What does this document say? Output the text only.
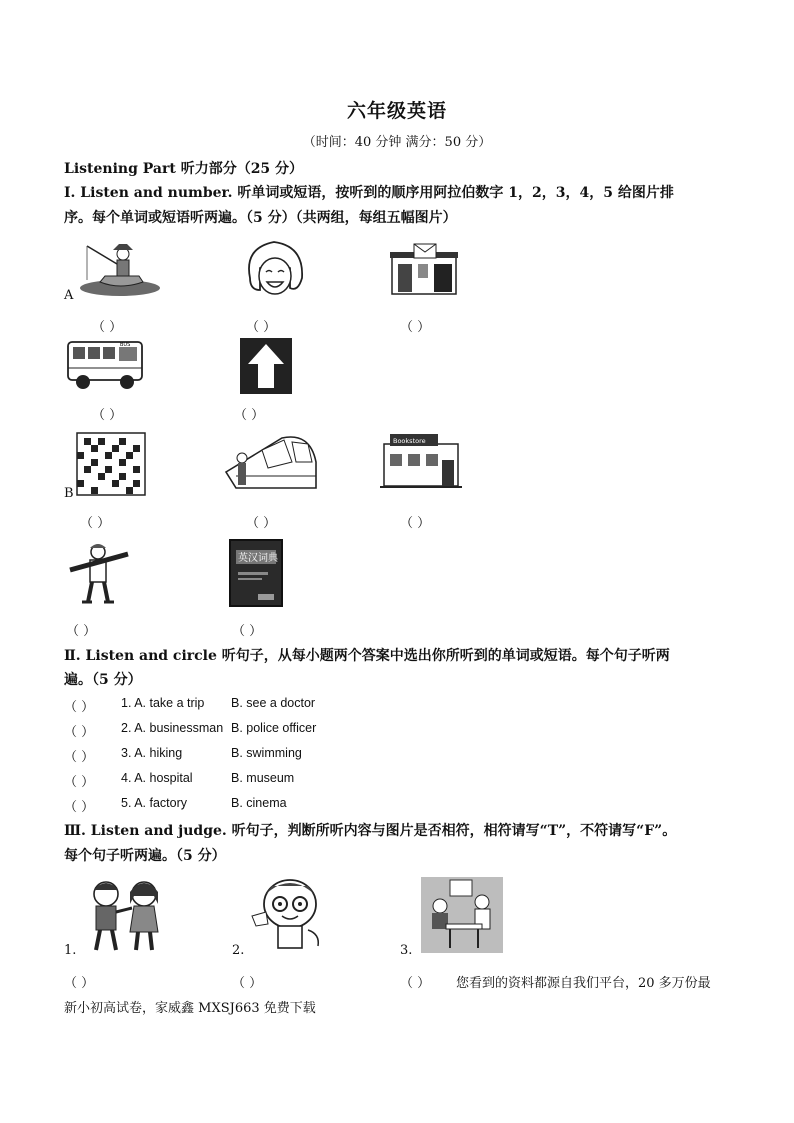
六年级英语
（时间：40 分钟 满分：50 分）
Listening Part 听力部分（25 分）
Ⅰ. Listen and number. 听单词或短语，按听到的顺序用阿拉伯数字 1，2，3，4，5 给图片排
序。每个单词或短语听两遍。（5 分）（共两组，每组五幅图片）
A
（ ）	（ ）	（ ）
BUS
（ ）	（ ）
B
Bookstore
（ ）	（ ）	（ ）
英汉词典
（ ）	（ ）
Ⅱ. Listen and circle 听句子，从每小题两个答案中选出你所听到的单词或短语。每个句子听两
遍。（5 分）
（ ） 1. A. take a trip B. see a doctor
（ ） 2. A. businessman B. police officer
（ ） 3. A. hiking	B. swimming
（ ） 4. A. hospital	B. museum
（ ） 5. A. factory	B. cinema
Ⅲ. Listen and judge. 听句子，判断所听内容与图片是否相符，相符请写“T”，不符请写“F”。
每个句子听两遍。（5 分）
1.	2.	3.
（ ）	（ ）	（ ） 您看到的资料都源自我们平台，20 多万份最
新小初高试卷，家威鑫 MXSJ663 免费下载
